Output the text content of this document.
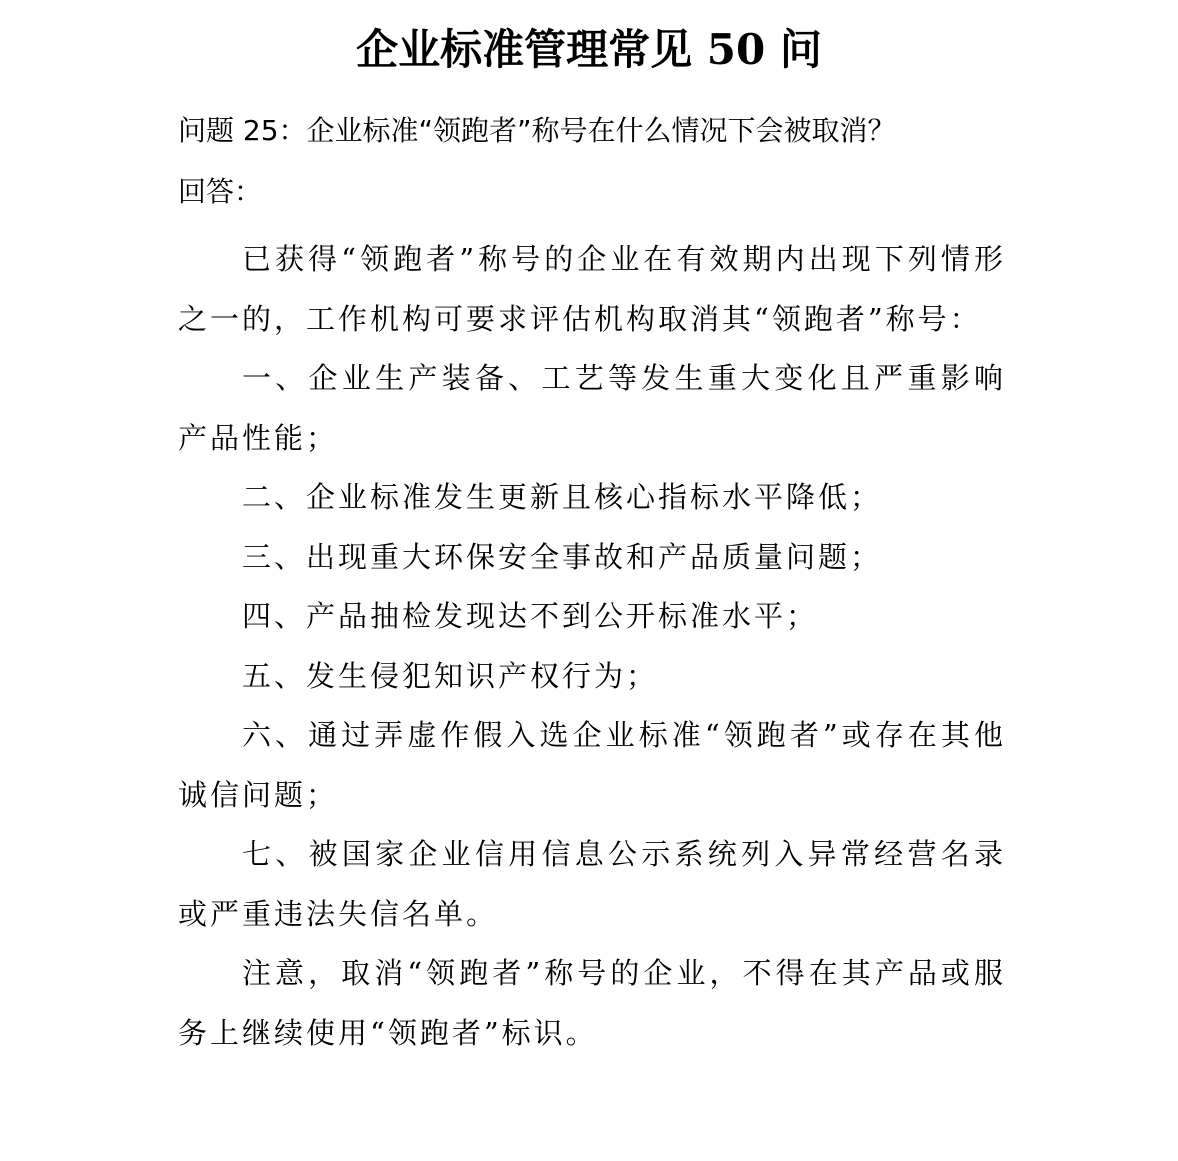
企业标准管理常见 50 问
问题 25：企业标准“领跑者”称号在什么情况下会被取消？
回答：

已获得“领跑者”称号的企业在有效期内出现下列情形之一的，工作机构可要求评估机构取消其“领跑者”称号：

一、企业生产装备、工艺等发生重大变化且严重影响产品性能；

二、企业标准发生更新且核心指标水平降低；

三、出现重大环保安全事故和产品质量问题；

四、产品抽检发现达不到公开标准水平；

五、发生侵犯知识产权行为；

六、通过弄虚作假入选企业标准“领跑者”或存在其他诚信问题；

七、被国家企业信用信息公示系统列入异常经营名录或严重违法失信名单。

注意，取消“领跑者”称号的企业，不得在其产品或服务上继续使用“领跑者”标识。
